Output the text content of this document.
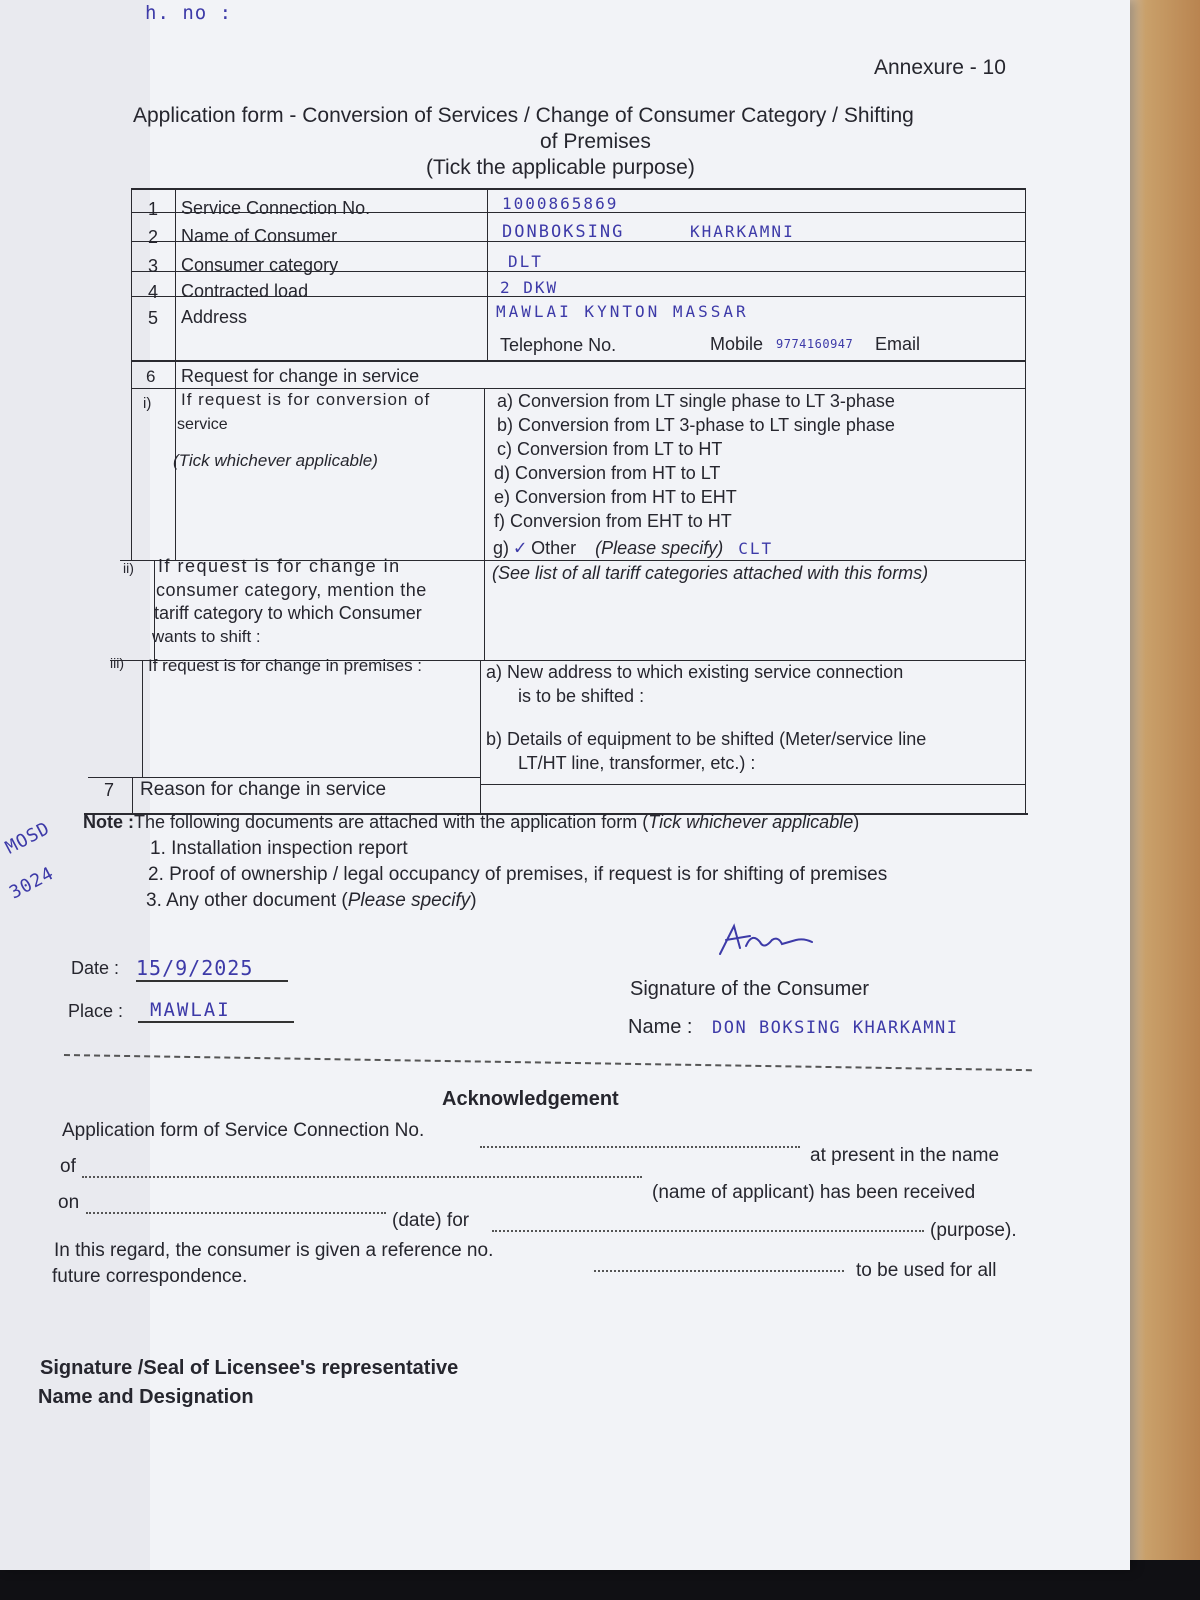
h. no :
Annexure - 10
Application form - Conversion of Services / Change of Consumer Category / Shifting
of Premises
(Tick the applicable purpose)
1 Service Connection No.	1000865869
2 Name of Consumer	DONBOKSING	KHARKAMNI
3 Consumer category	DLT
4 Contracted load	2 DKW
5 Address	MAWLAI KYNTON MASSAR
Telephone No.	Mobile 9774160947 Email
6 Request for change in service
i) If request is for conversion of
service
(Tick whichever applicable)
a) Conversion from LT single phase to LT 3-phase
b) Conversion from LT 3-phase to LT single phase
c) Conversion from LT to HT
d) Conversion from HT to LT
e) Conversion from HT to EHT
f) Conversion from EHT to HT
g) ✓ Other (Please specify) CLT
ii) If request is for change in
consumer category, mention the
tariff category to which Consumer
wants to shift :
(See list of all tariff categories attached with this forms)
iii) If request is for change in premises :	a) New address to which existing service connection
is to be shifted :
b) Details of equipment to be shifted (Meter/service line
LT/HT line, transformer, etc.) :
7 Reason for change in service
Note :The following documents are attached with the application form (Tick whichever applicable)
1. Installation inspection report
2. Proof of ownership / legal occupancy of premises, if request is for shifting of premises
3. Any other document (Please specify)
MOSD
3024
Date : 15/9/2025
Place :	MAWLAI
Signature of the Consumer
Name : DON BOKSING KHARKAMNI
Acknowledgement
Application form of Service Connection No.
at present in the name
of
(name of applicant) has been received
on
(date) for	(purpose).
In this regard, the consumer is given a reference no.
to be used for all
future correspondence.
Signature /Seal of Licensee's representative
Name and Designation
